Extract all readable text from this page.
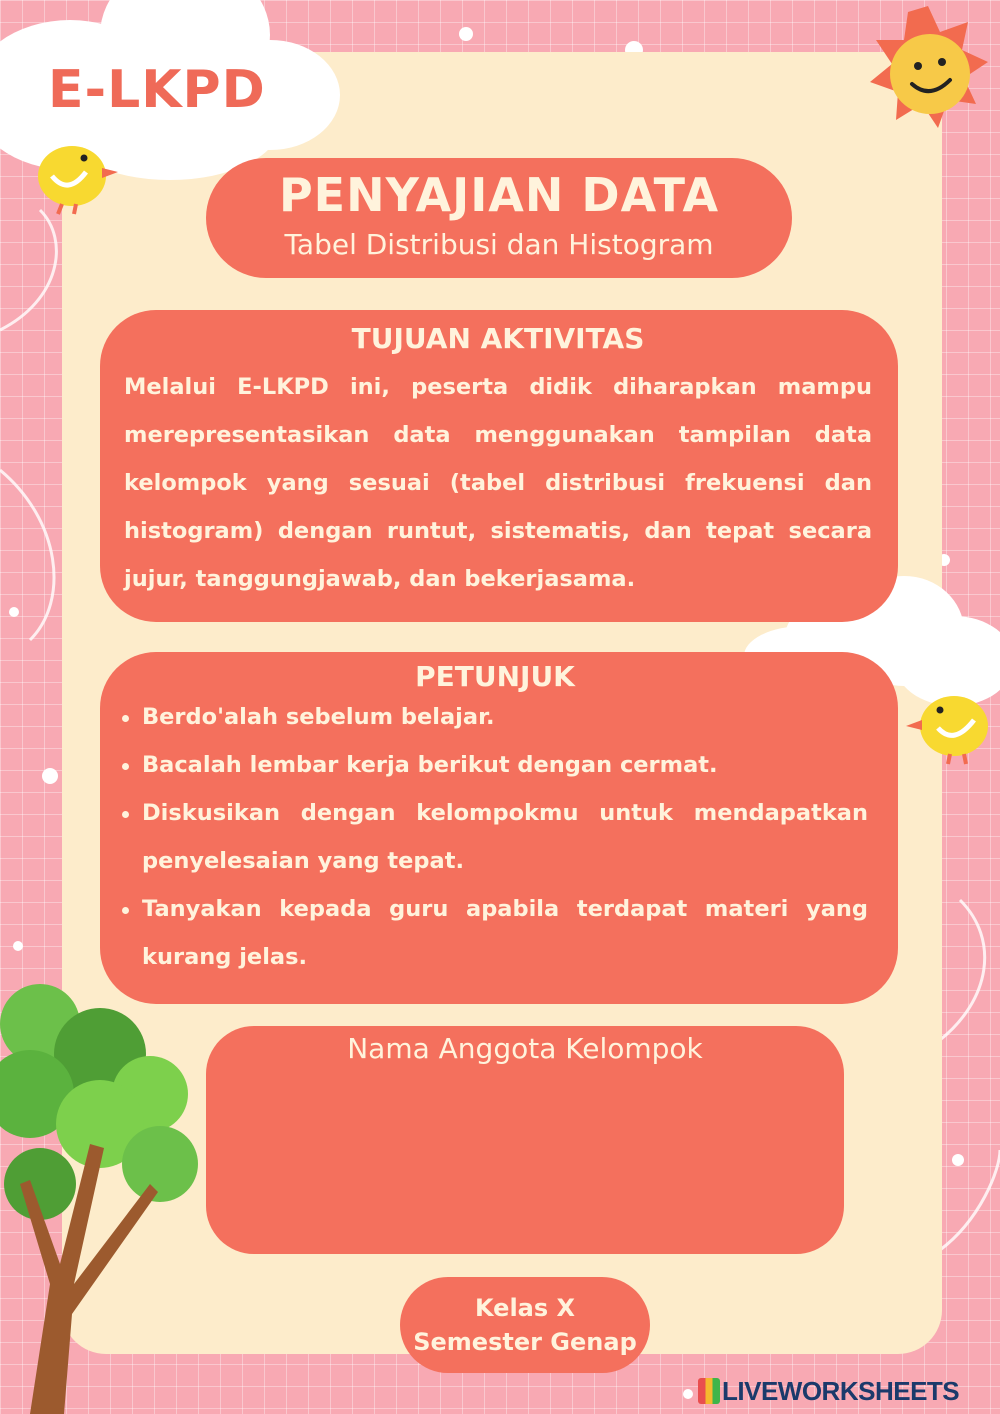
E-LKPD
PENYAJIAN DATA
Tabel Distribusi dan Histogram
TUJUAN AKTIVITAS

Melalui E-LKPD ini, peserta didik diharapkan mampu merepresentasikan data menggunakan tampilan data kelompok yang sesuai (tabel distribusi frekuensi dan histogram) dengan runtut, sistematis, dan tepat secara jujur, tanggungjawab, dan bekerjasama.

PETUNJUK
Berdo'alah sebelum belajar.
Bacalah lembar kerja berikut dengan cermat.
Diskusikan dengan kelompokmu untuk mendapatkan penyelesaian yang tepat.
Tanyakan kepada guru apabila terdapat materi yang kurang jelas.
Nama Anggota Kelompok
Kelas X
Semester Genap
LIVEWORKSHEETS
